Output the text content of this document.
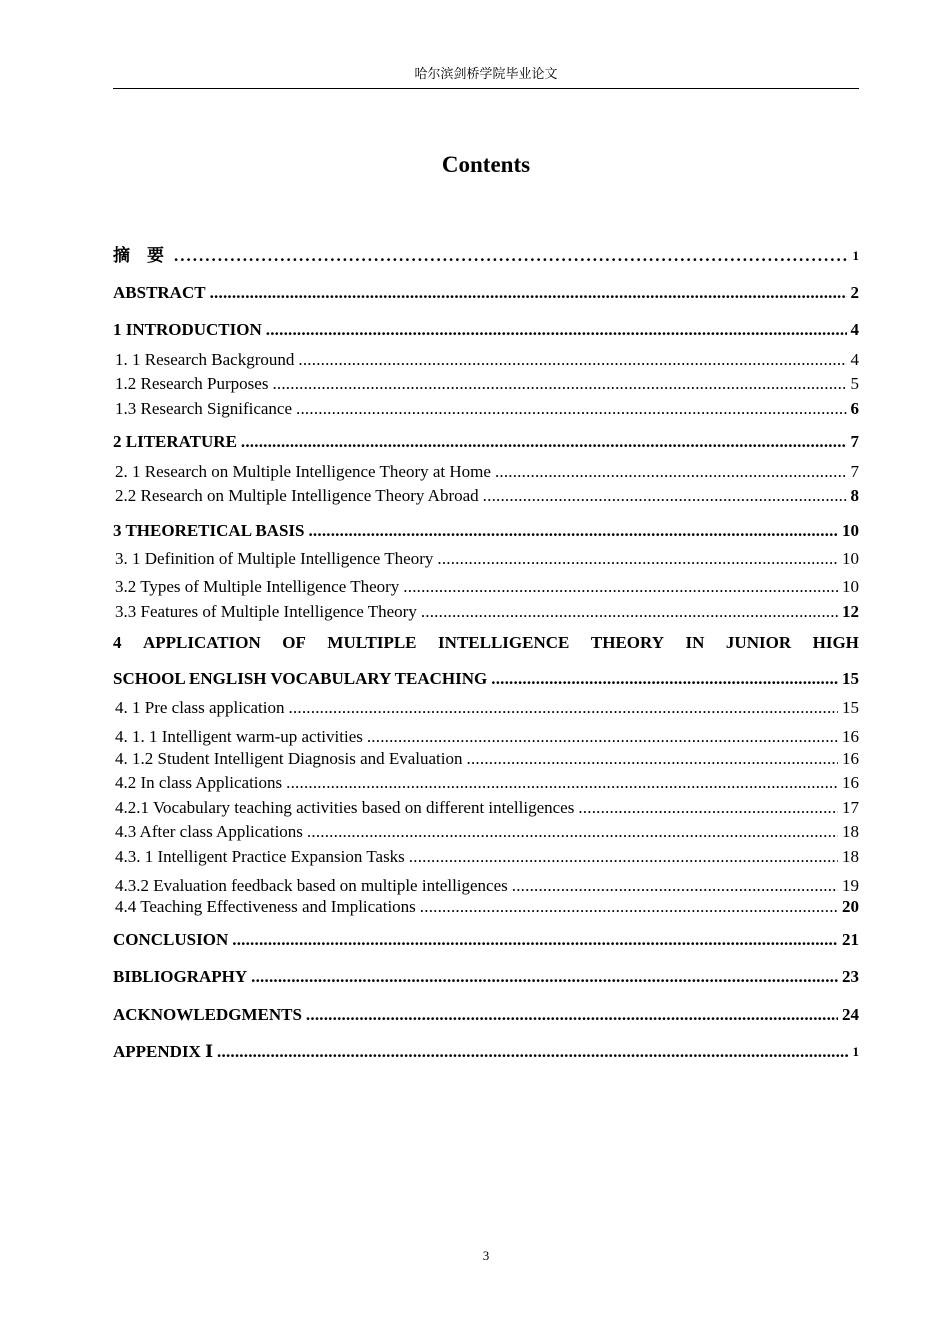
哈尔滨剑桥学院毕业论文
Contents
摘　要 .....	1
ABSTRACT .....	2
1 INTRODUCTION .....	4
1. 1 Research Background .....	4
1.2 Research Purposes .....	5
1.3 Research Significance .....	6
2 LITERATURE .....	7
2. 1 Research on Multiple Intelligence Theory at Home .....	7
2.2 Research on Multiple Intelligence Theory Abroad .....	8
3 THEORETICAL BASIS .....	10
3. 1 Definition of Multiple Intelligence Theory .....	10
3.2 Types of Multiple Intelligence Theory .....	10
3.3 Features of Multiple Intelligence Theory .....	12
4 APPLICATION OF MULTIPLE INTELLIGENCE THEORY IN JUNIOR HIGH
SCHOOL ENGLISH VOCABULARY TEACHING .....	15
4. 1 Pre class application .....	15
4. 1. 1 Intelligent warm-up activities .....	16
4. 1.2 Student Intelligent Diagnosis and Evaluation .....	16
4.2 In class Applications .....	16
4.2.1 Vocabulary teaching activities based on different intelligences .....	17
4.3 After class Applications .....	18
4.3. 1 Intelligent Practice Expansion Tasks .....	18
4.3.2 Evaluation feedback based on multiple intelligences .....	19
4.4 Teaching Effectiveness and Implications .....	20
CONCLUSION .....	21
BIBLIOGRAPHY .....	23
ACKNOWLEDGMENTS .....	24
APPENDIX Ⅰ .....	1
3
